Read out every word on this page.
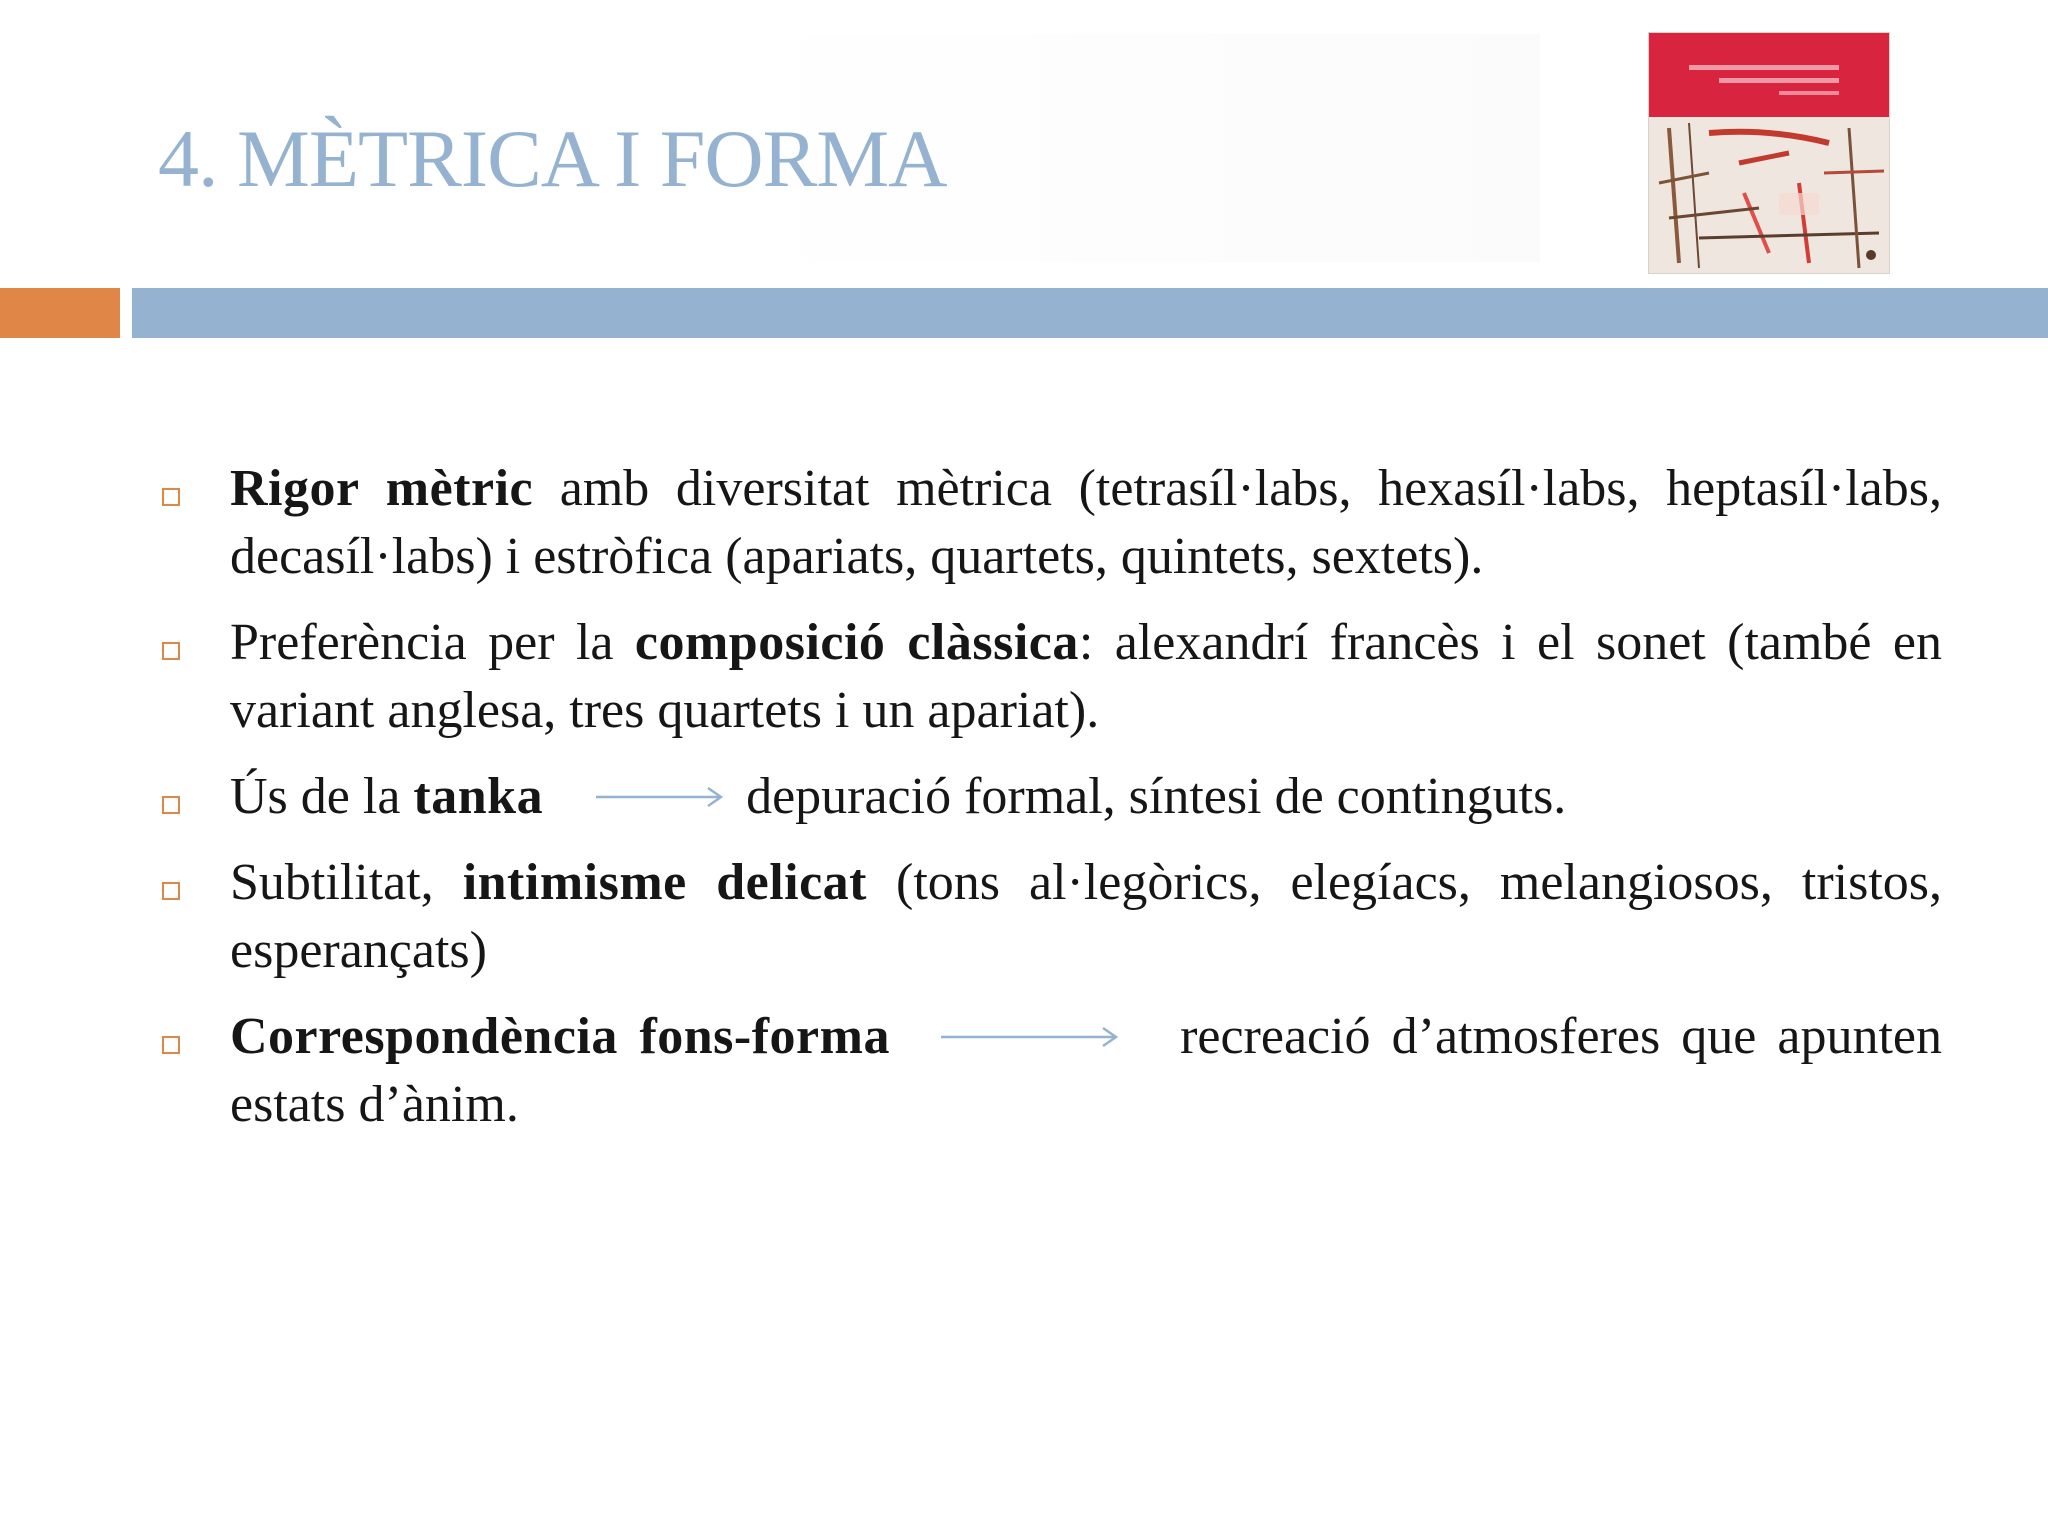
4. MÈTRICA I FORMA
Rigor mètric amb diversitat mètrica (tetrasíl·labs, hexasíl·labs, heptasíl·labs, decasíl·labs) i estròfica (apariats, quartets, quintets, sextets).
Preferència per la composició clàssica: alexandrí francès i el sonet (també en variant anglesa, tres quartets i un apariat).
Ús de la tanka	depuració formal, síntesi de continguts.
Subtilitat, intimisme delicat (tons al·legòrics, elegíacs, melangiosos, tristos, esperançats)
Correspondència fons-forma	recreació d’atmosferes que apunten estats d’ànim.
